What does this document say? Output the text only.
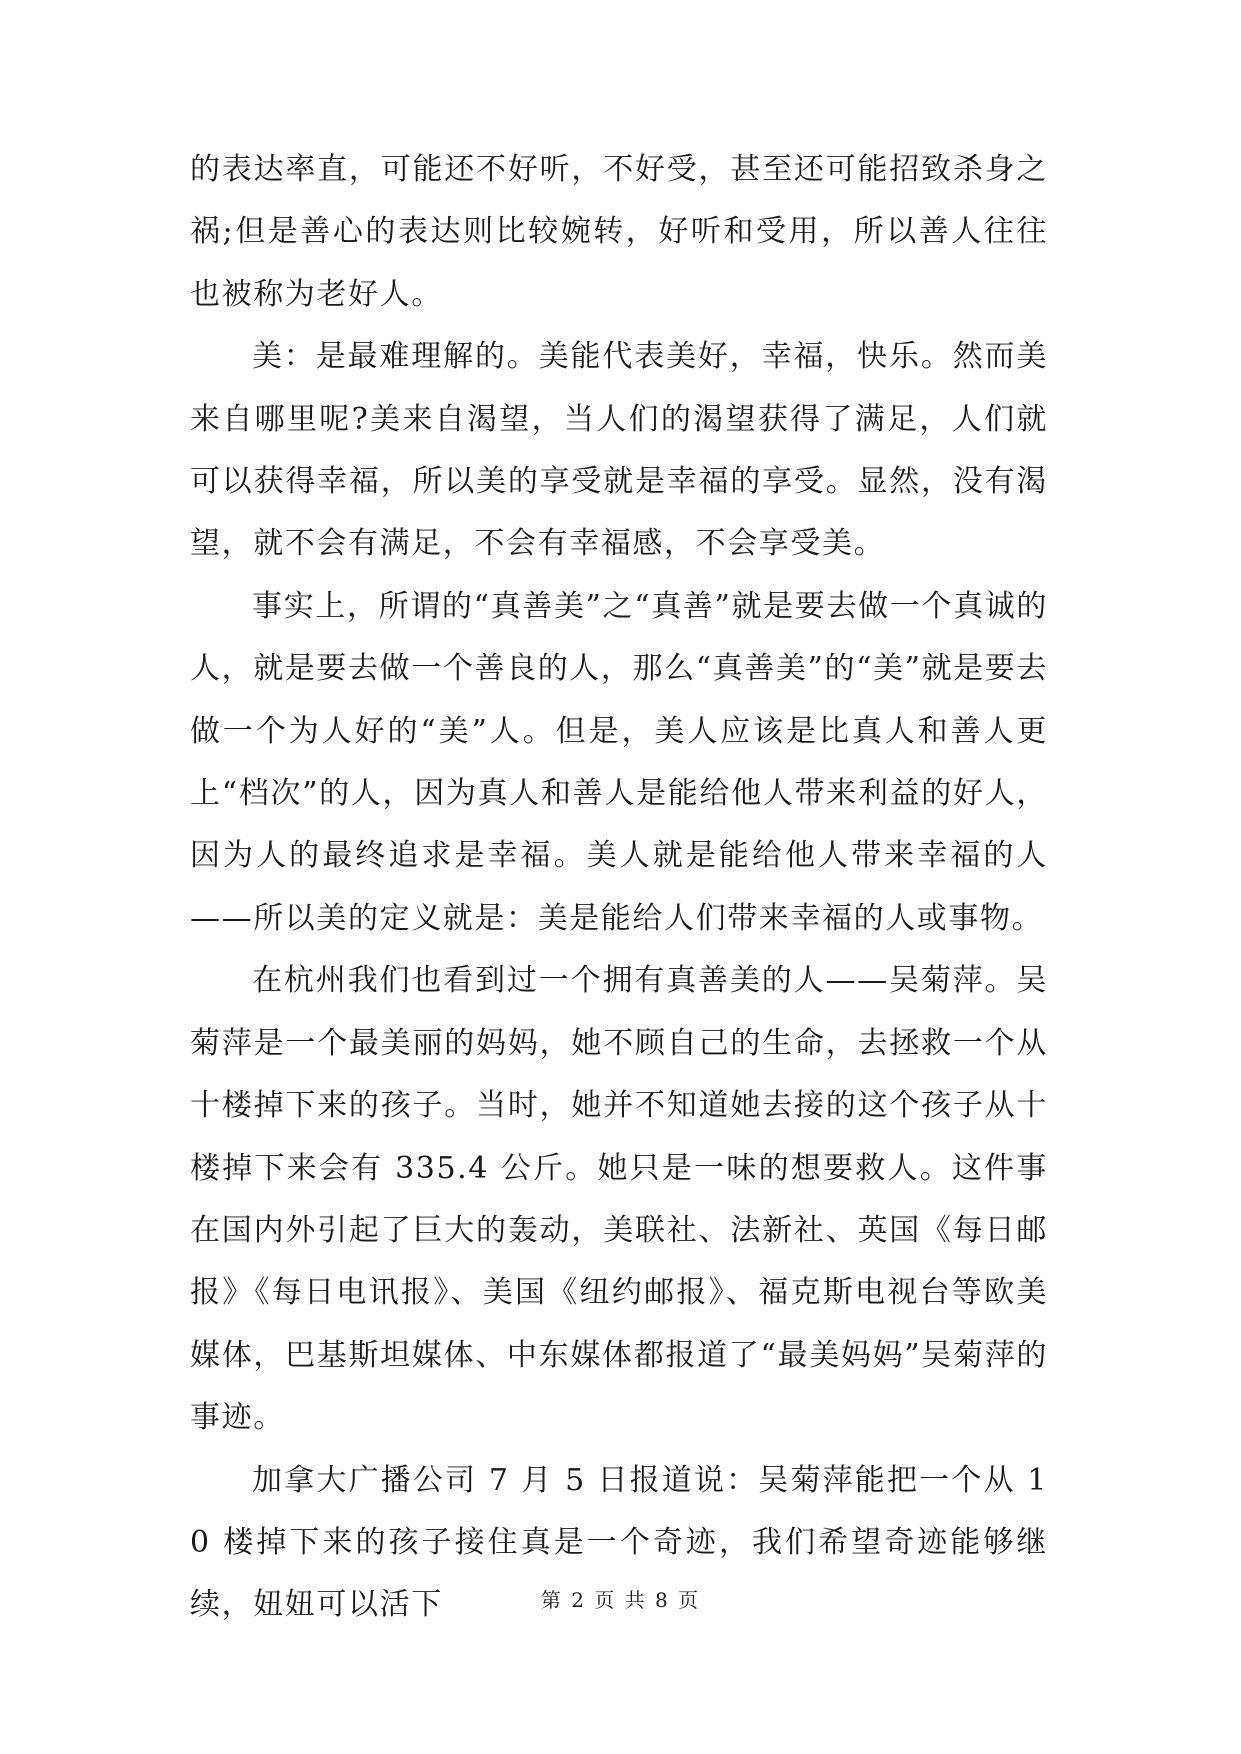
的表达率直，可能还不好听，不好受，甚至还可能招致杀身之祸;但是善心的表达则比较婉转，好听和受用，所以善人往往也被称为老好人。

美：是最难理解的。美能代表美好，幸福，快乐。然而美来自哪里呢?美来自渴望，当人们的渴望获得了满足，人们就可以获得幸福，所以美的享受就是幸福的享受。显然，没有渴望，就不会有满足，不会有幸福感，不会享受美。

事实上，所谓的“真善美”之“真善”就是要去做一个真诚的人，就是要去做一个善良的人，那么“真善美”的“美”就是要去做一个为人好的“美”人。但是，美人应该是比真人和善人更上“档次”的人，因为真人和善人是能给他人带来利益的好人，因为人的最终追求是幸福。美人就是能给他人带来幸福的人——所以美的定义就是：美是能给人们带来幸福的人或事物。

在杭州我们也看到过一个拥有真善美的人——吴菊萍。吴菊萍是一个最美丽的妈妈，她不顾自己的生命，去拯救一个从十楼掉下来的孩子。当时，她并不知道她去接的这个孩子从十楼掉下来会有 335.4 公斤。她只是一味的想要救人。这件事在国内外引起了巨大的轰动，美联社、法新社、英国《每日邮报》《每日电讯报》、美国《纽约邮报》、福克斯电视台等欧美媒体，巴基斯坦媒体、中东媒体都报道了“最美妈妈”吴菊萍的事迹。

加拿大广播公司 7 月 5 日报道说：吴菊萍能把一个从 10 楼掉下来的孩子接住真是一个奇迹，我们希望奇迹能够继续，妞妞可以活下	第 2 页 共 8 页
